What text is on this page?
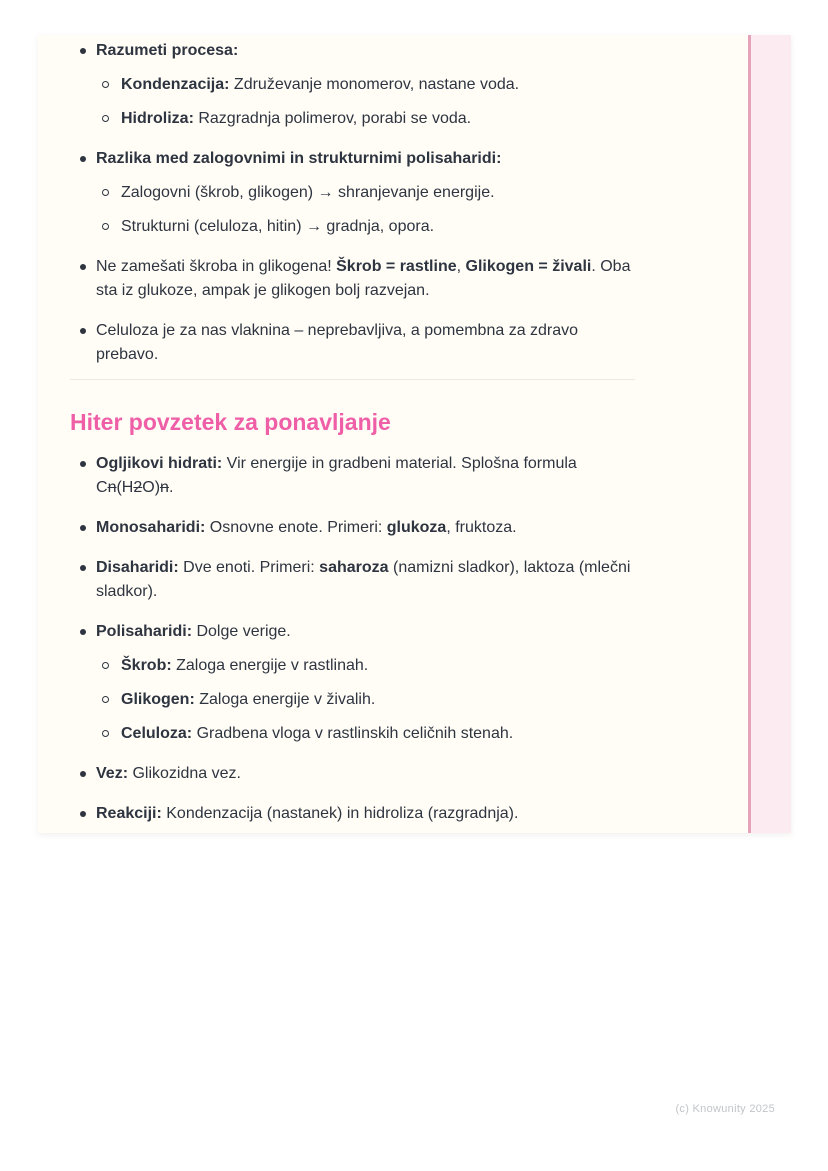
Razumeti procesa:
Kondenzacija: Združevanje monomerov, nastane voda.
Hidroliza: Razgradnja polimerov, porabi se voda.
Razlika med zalogovnimi in strukturnimi polisaharidi:
Zalogovni (škrob, glikogen) → shranjevanje energije.
Strukturni (celuloza, hitin) → gradnja, opora.
Ne zamešati škroba in glikogena! Škrob = rastline, Glikogen = živali. Oba sta iz glukoze, ampak je glikogen bolj razvejan.
Celuloza je za nas vlaknina – neprebavljiva, a pomembna za zdravo prebavo.
Hiter povzetek za ponavljanje
Ogljikovi hidrati: Vir energije in gradbeni material. Splošna formula Cn(H2O)n.
Monosaharidi: Osnovne enote. Primeri: glukoza, fruktoza.
Disaharidi: Dve enoti. Primeri: saharoza (namizni sladkor), laktoza (mlečni sladkor).
Polisaharidi: Dolge verige.
Škrob: Zaloga energije v rastlinah.
Glikogen: Zaloga energije v živalih.
Celuloza: Gradbena vloga v rastlinskih celičnih stenah.
Vez: Glikozidna vez.
Reakciji: Kondenzacija (nastanek) in hidroliza (razgradnja).
(c) Knowunity 2025
